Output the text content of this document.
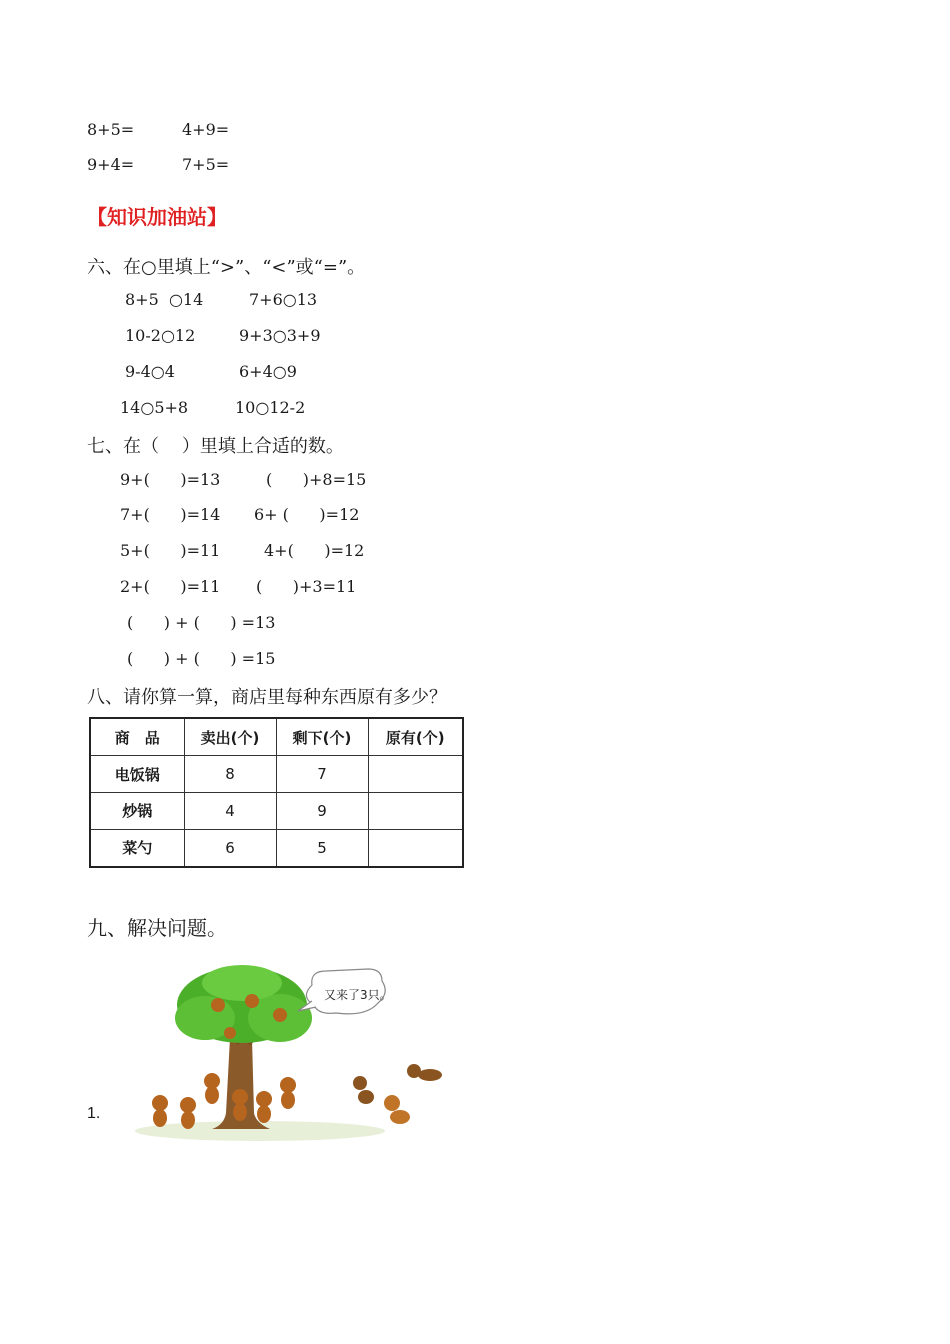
8+5=	4+9=
9+4=	7+5=
【知识加油站】
六、在○里填上“>”、“<”或“=”。
8+5  ○14	7+6○13
10-2○12	9+3○3+9
9-4○4	6+4○9
14○5+8	10○12-2
七、在（    ）里填上合适的数。
9+(      )=13	(      )+8=15
7+(      )=14 6+ (      )=12
5+(      )=11	4+(      )=12
2+(      )=11 (      )+3=11
(      ) + (      ) =13
(      ) + (      ) =15
八、请你算一算，商店里每种东西原有多少？
商　品	卖出(个)	剩下(个)	原有(个)
电饭锅	8	7	
炒锅	4	9	
菜勺	6	5	
九、解决问题。
1.
又来了3只。
